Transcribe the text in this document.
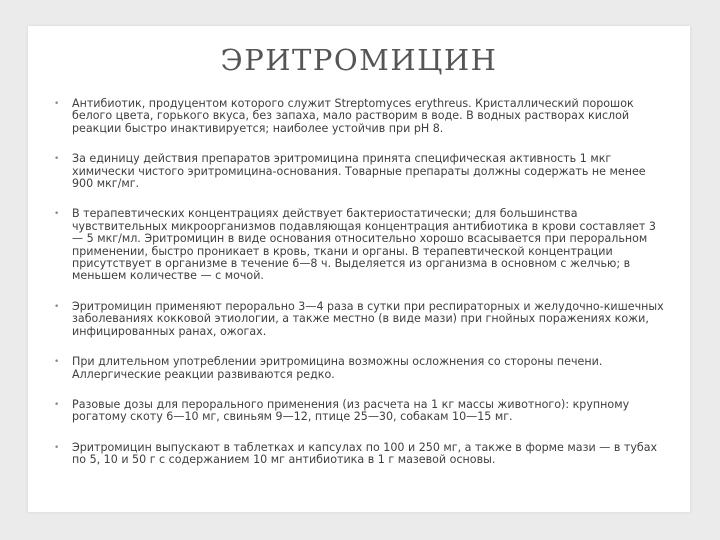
ЭРИТРОМИЦИН
• Антибиотик, продуцентом которого служит Streptomyces erythreus. Кристаллический порошок белого цвета, горького вкуса, без запаха, мало растворим в воде. В водных растворах кислой реакции быстро инактивируется; наиболее устойчив при рН 8.
• За единицу действия препаратов эритромицина принята специфическая активность 1 мкг химически чистого эритромицина-основания. Товарные препараты должны содержать не менее 900 мкг/мг.
• В терапевтических концентрациях действует бактериостатически; для большинства чувствительных микроорганизмов подавляющая концентрация антибиотика в крови составляет 3— 5 мкг/мл. Эритромицин в виде основания относительно хорошо всасывается при пероральном применении, быстро проникает в кровь, ткани и органы. В терапевтической концентрации присутствует в организме в течение 6—8 ч. Выделяется из организма в основном с желчью; в меньшем количестве — с мочой.
• Эритромицин применяют перорально 3—4 раза в сутки при респираторных и желудочно-кишечных заболеваниях кокковой этиологии, а также местно (в виде мази) при гнойных поражениях кожи, инфицированных ранах, ожогах.
• При длительном употреблении эритромицина возможны осложнения со стороны печени. Аллергические реакции развиваются редко.
• Разовые дозы для перорального применения (из расчета на 1 кг массы животного): крупному рогатому скоту 6—10 мг, свиньям 9—12, птице 25—30, собакам 10—15 мг.
• Эритромицин выпускают в таблетках и капсулах по 100 и 250 мг, а также в форме мази — в тубах по 5, 10 и 50 г с содержанием 10 мг антибиотика в 1 г мазевой основы.
